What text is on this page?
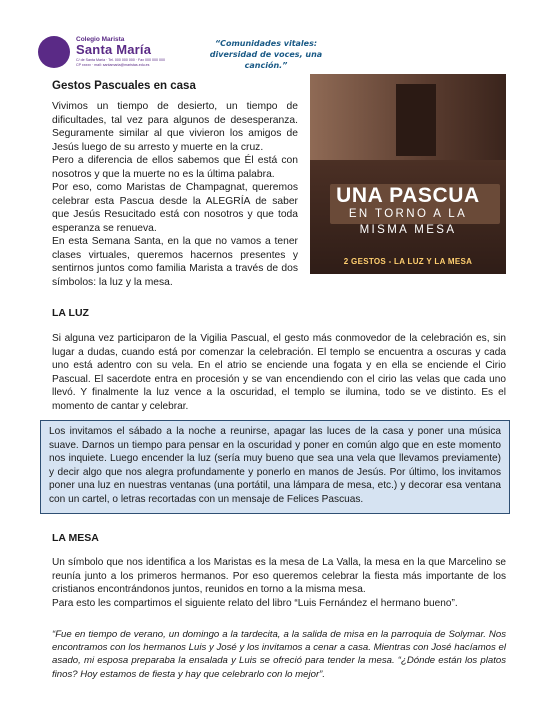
Colegio Marista
Santa María
C/ de Santa María · Tel. 000 000 000 · Fax 000 000 000
CP xxxxx · mail: santamaria@maristas.edu.es
“Comunidades vitales:
diversidad de voces, una canción.”
Gestos Pascuales en casa

Vivimos un tiempo de desierto, un tiempo de dificultades, tal vez para algunos de desesperanza. Seguramente similar al que vivieron los amigos de Jesús luego de su arresto y muerte en la cruz.

Pero a diferencia de ellos sabemos que Él está con nosotros y que la muerte no es la última palabra.

Por eso, como Maristas de Champagnat, queremos celebrar esta Pascua desde la ALEGRÍA de saber que Jesús Resucitado está con nosotros y que toda esperanza se renueva.

En esta Semana Santa, en la que no vamos a tener clases virtuales, queremos hacernos presentes y sentirnos juntos como familia Marista a través de dos símbolos: la luz y la mesa.

UNA PASCUA
EN TORNO A LA
MISMA MESA
2 GESTOS - LA LUZ Y LA MESA
LA LUZ

Si alguna vez participaron de la Vigilia Pascual, el gesto más conmovedor de la celebración es, sin lugar a dudas, cuando está por comenzar la celebración. El templo se encuentra a oscuras y cada uno está adentro con su vela. En el atrio se enciende una fogata y en ella se enciende el Cirio Pascual. El sacerdote entra en procesión y se van encendiendo con el cirio las velas que cada uno llevó. Y finalmente la luz vence a la oscuridad, el templo se ilumina, todo se ve distinto. Es el momento de cantar y celebrar.

Los invitamos el sábado a la noche a reunirse, apagar las luces de la casa y poner una música suave. Darnos un tiempo para pensar en la oscuridad y poner en común algo que en este momento nos inquiete. Luego encender la luz (sería muy bueno que sea una vela que llevamos previamente) y decir algo que nos alegra profundamente y ponerlo en manos de Jesús. Por último, los invitamos poner una luz en nuestras ventanas (una portátil, una lámpara de mesa, etc.) y decorar esa ventana con un cartel, o letras recortadas con un mensaje de Felices Pascuas.

LA MESA

Un símbolo que nos identifica a los Maristas es la mesa de La Valla, la mesa en la que Marcelino se reunía junto a los primeros hermanos. Por eso queremos celebrar la fiesta más importante de los cristianos encontrándonos juntos, reunidos en torno a la misma mesa.

Para esto les compartimos el siguiente relato del libro “Luis Fernández el hermano bueno”.

“Fue en tiempo de verano, un domingo a la tardecita, a la salida de misa en la parroquia de Solymar. Nos encontramos con los hermanos Luis y José y los invitamos a cenar a casa. Mientras con José hacíamos el asado, mi esposa preparaba la ensalada y Luis se ofreció para tender la mesa. “¿Dónde están los platos finos? Hoy estamos de fiesta y hay que celebrarlo con lo mejor”.
